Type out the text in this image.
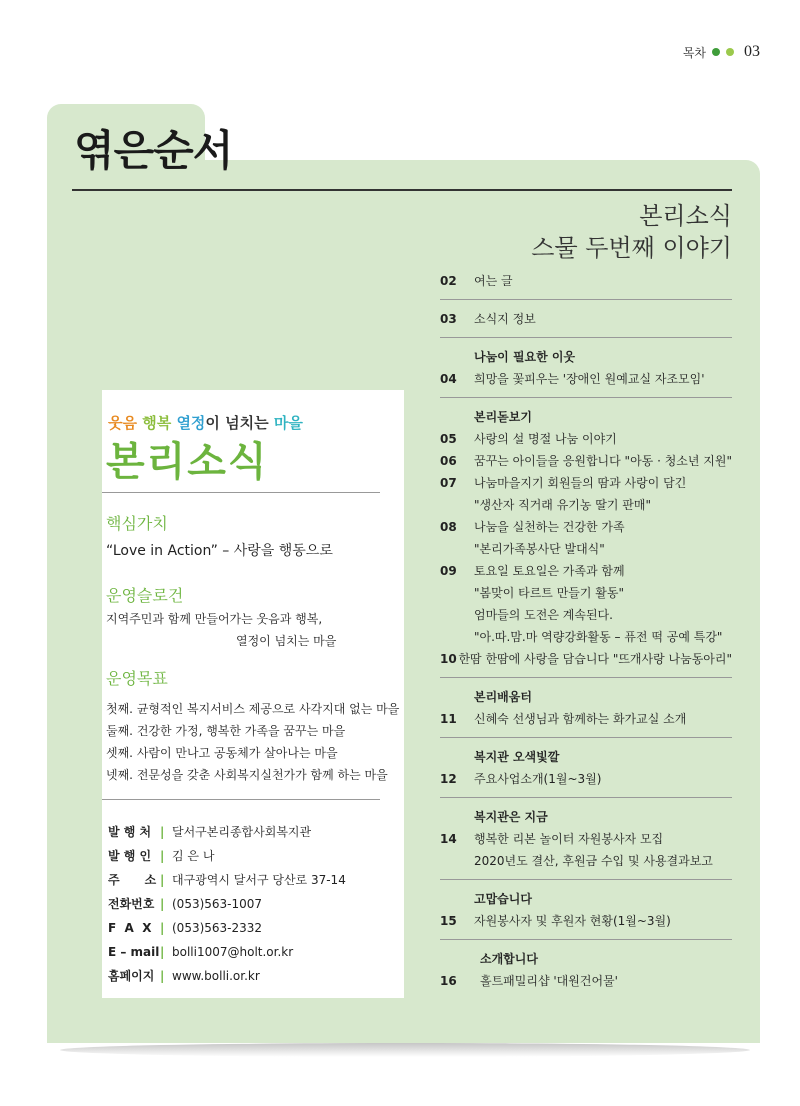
목차 03
엮은순서
본리소식
스물 두번째 이야기
02	여는 글
03	소식지 정보
나눔이 필요한 이웃
04	희망을 꽃피우는 '장애인 원예교실 자조모임'
본리돋보기
05	사랑의 설 명절 나눔 이야기
06	꿈꾸는 아이들을 응원합니다 "아동 · 청소년 지원"
07	나눔마을지기 회원들의 땀과 사랑이 담긴
"생산자 직거래 유기농 딸기 판매"
08	나눔을 실천하는 건강한 가족
"본리가족봉사단 발대식"
09	토요일 토요일은 가족과 함께
"봄맞이 타르트 만들기 활동"
엄마들의 도전은 계속된다.
"아.따.맘.마 역량강화활동 – 퓨전 떡 공예 특강"
10 한땀 한땀에 사랑을 담습니다 "뜨개사랑 나눔동아리"
본리배움터
11	신혜숙 선생님과 함께하는 화가교실 소개
복지관 오색빛깔
12	주요사업소개(1월~3월)
복지관은 지금
14	행복한 리본 놀이터 자원봉사자 모집
2020년도 결산, 후원금 수입 및 사용결과보고
고맙습니다
15	자원봉사자 및 후원자 현황(1월~3월)
소개합니다
16	홀트패밀리샵 '대원건어물'
웃음 행복 열정이 넘치는 마을
본리소식
핵심가치
“Love in Action” – 사랑을 행동으로
운영슬로건
지역주민과 함께 만들어가는 웃음과 행복,
열정이 넘치는 마을
운영목표
첫째. 균형적인 복지서비스 제공으로 사각지대 없는 마을
둘째. 건강한 가정, 행복한 가족을 꿈꾸는 마을
셋째. 사람이 만나고 공동체가 살아나는 마을
넷째. 전문성을 갖춘 사회복지실천가가 함께 하는 마을
발 행 처 | 달서구본리종합사회복지관
발 행 인 | 김 은 나
주      소 | 대구광역시 달서구 당산로 37-14
전화번호 | (053)563-1007
F  A  X | (053)563-2332
E – mail | bolli1007@holt.or.kr
홈페이지 | www.bolli.or.kr
